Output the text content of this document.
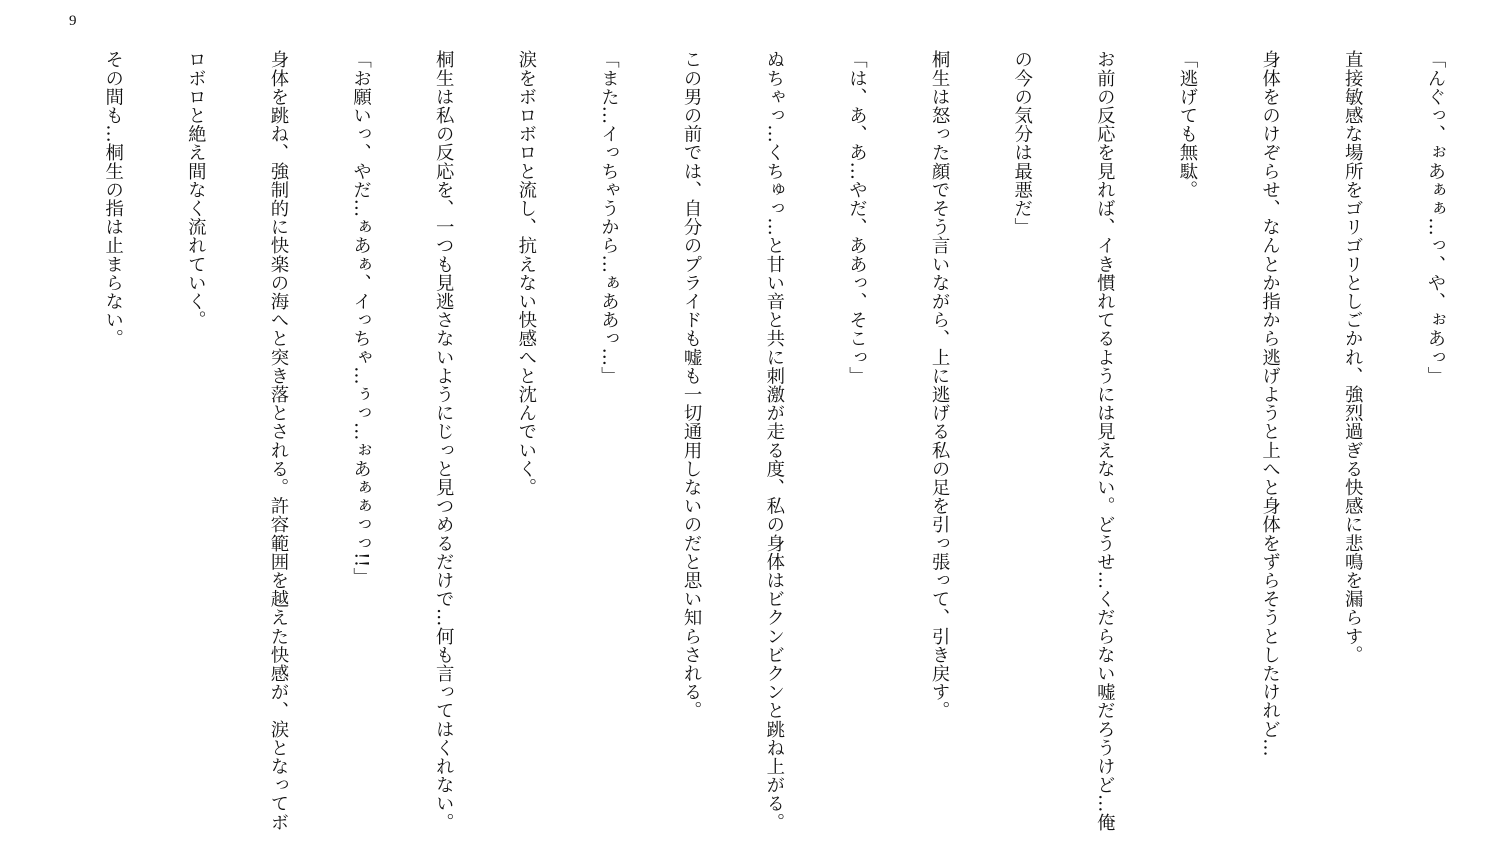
9

「んぐっ、ぉあぁぁ…っ、や、ぉあっ」

直接敏感な場所をゴリゴリとしごかれ、強烈過ぎる快感に悲鳴を漏らす。

身体をのけぞらせ、なんとか指から逃げようと上へと身体をずらそうとしたけれど…

「逃げても無駄。

お前の反応を見れば、イき慣れてるようには見えない。どうせ…くだらない嘘だろうけど…俺

の今の気分は最悪だ」

桐生は怒った顔でそう言いながら、上に逃げる私の足を引っ張って、引き戻す。

「は、あ、あ…やだ、ああっ、そこっ」

ぬちゃっ…くちゅっ…と甘い音と共に刺激が走る度、私の身体はビクンビクンと跳ね上がる。

この男の前では、自分のプライドも嘘も一切通用しないのだと思い知らされる。

「また…イっちゃうから…ぁああっ…」

涙をボロボロと流し、抗えない快感へと沈んでいく。

桐生は私の反応を、一つも見逃さないようにじっと見つめるだけで…何も言ってはくれない。

「お願いっ、やだ…ぁあぁ、イっちゃ…ぅっ…ぉあぁぁっっ!!」

身体を跳ね、強制的に快楽の海へと突き落とされる。許容範囲を越えた快感が、涙となってボ

ロボロと絶え間なく流れていく。

その間も…桐生の指は止まらない。
